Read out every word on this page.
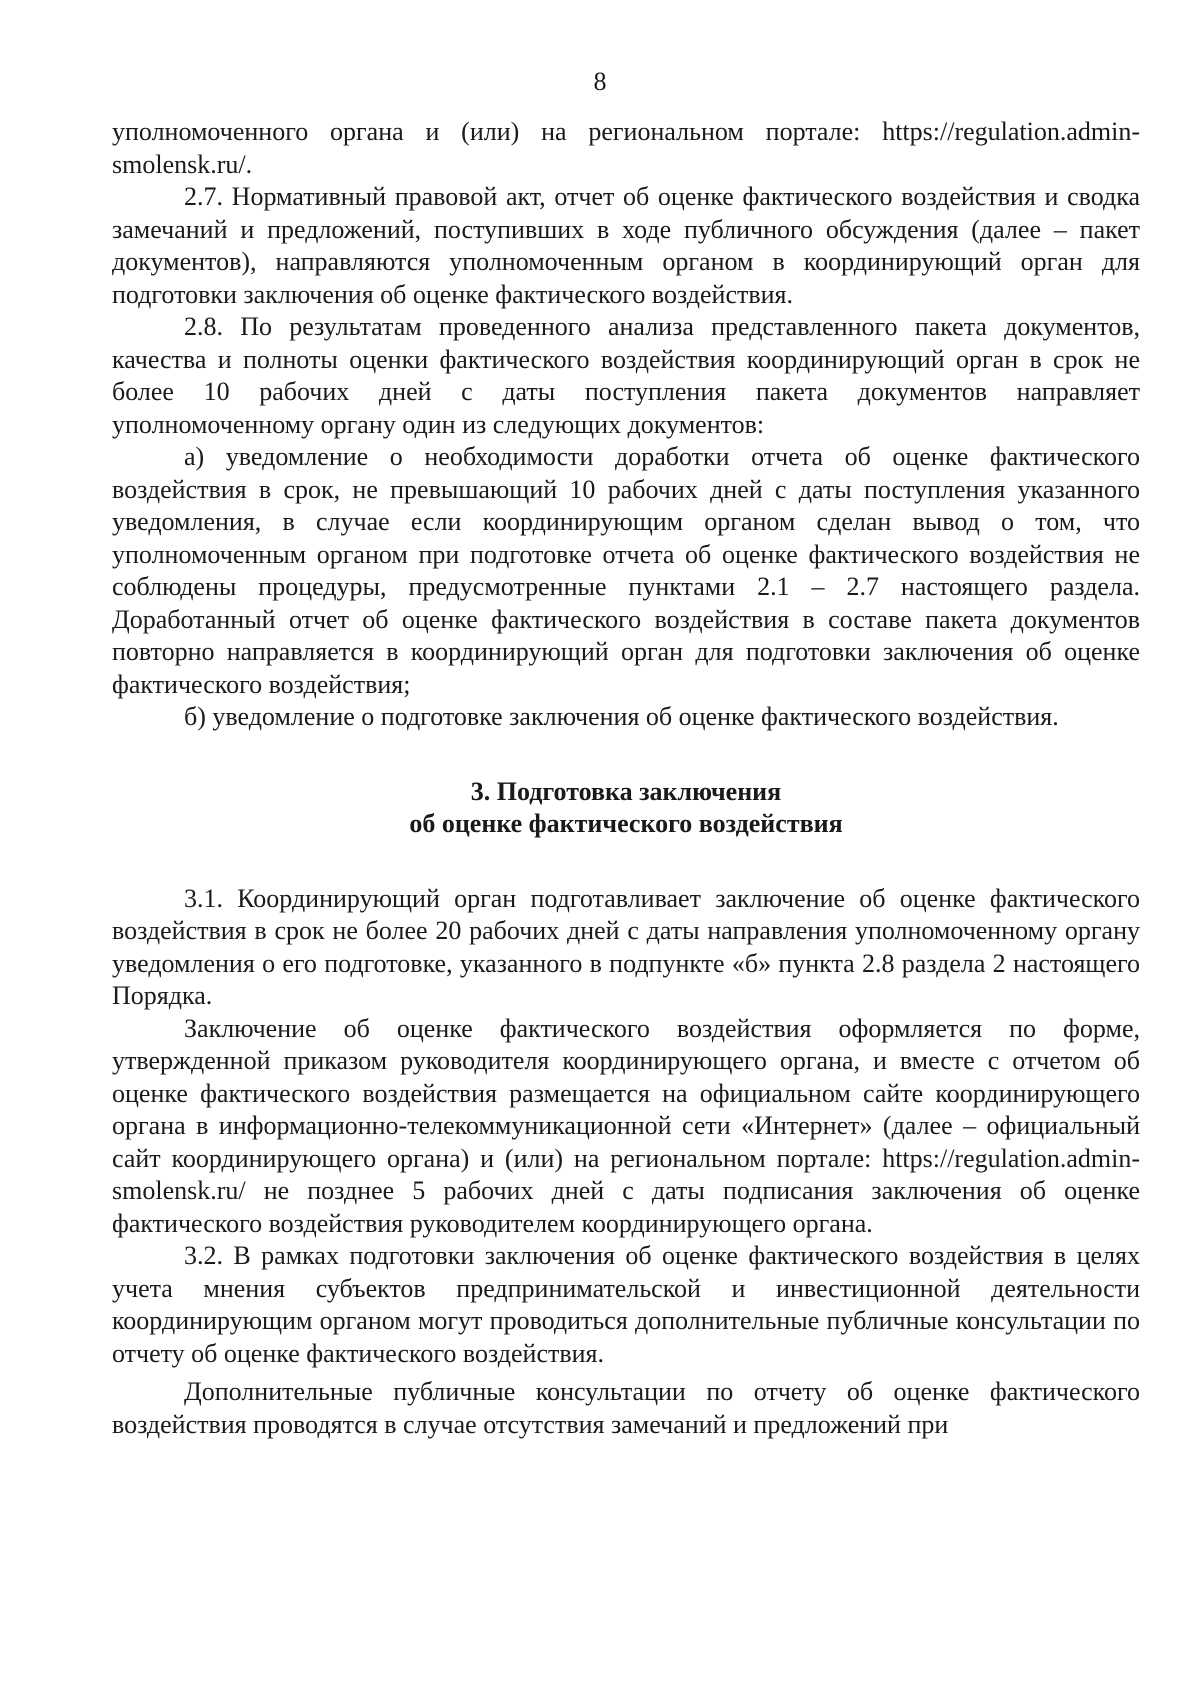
8

уполномоченного органа и (или) на региональном портале: https://regulation.admin-smolensk.ru/.

2.7. Нормативный правовой акт, отчет об оценке фактического воздействия и сводка замечаний и предложений, поступивших в ходе публичного обсуждения (далее – пакет документов), направляются уполномоченным органом в координирующий орган для подготовки заключения об оценке фактического воздействия.

2.8. По результатам проведенного анализа представленного пакета документов, качества и полноты оценки фактического воздействия координирующий орган в срок не более 10 рабочих дней с даты поступления пакета документов направляет уполномоченному органу один из следующих документов:

а) уведомление о необходимости доработки отчета об оценке фактического воздействия в срок, не превышающий 10 рабочих дней с даты поступления указанного уведомления, в случае если координирующим органом сделан вывод о том, что уполномоченным органом при подготовке отчета об оценке фактического воздействия не соблюдены процедуры, предусмотренные пунктами 2.1 – 2.7 настоящего раздела. Доработанный отчет об оценке фактического воздействия в составе пакета документов повторно направляется в координирующий орган для подготовки заключения об оценке фактического воздействия;

б) уведомление о подготовке заключения об оценке фактического воздействия.

3. Подготовка заключения
об оценке фактического воздействия

3.1. Координирующий орган подготавливает заключение об оценке фактического воздействия в срок не более 20 рабочих дней с даты направления уполномоченному органу уведомления о его подготовке, указанного в подпункте «б» пункта 2.8 раздела 2 настоящего Порядка.

Заключение об оценке фактического воздействия оформляется по форме, утвержденной приказом руководителя координирующего органа, и вместе с отчетом об оценке фактического воздействия размещается на официальном сайте координирующего органа в информационно-телекоммуникационной сети «Интернет» (далее – официальный сайт координирующего органа) и (или) на региональном портале: https://regulation.admin-smolensk.ru/ не позднее 5 рабочих дней с даты подписания заключения об оценке фактического воздействия руководителем координирующего органа.

3.2. В рамках подготовки заключения об оценке фактического воздействия в целях учета мнения субъектов предпринимательской и инвестиционной деятельности координирующим органом могут проводиться дополнительные публичные консультации по отчету об оценке фактического воздействия.

Дополнительные публичные консультации по отчету об оценке фактического воздействия проводятся в случае отсутствия замечаний и предложений при
